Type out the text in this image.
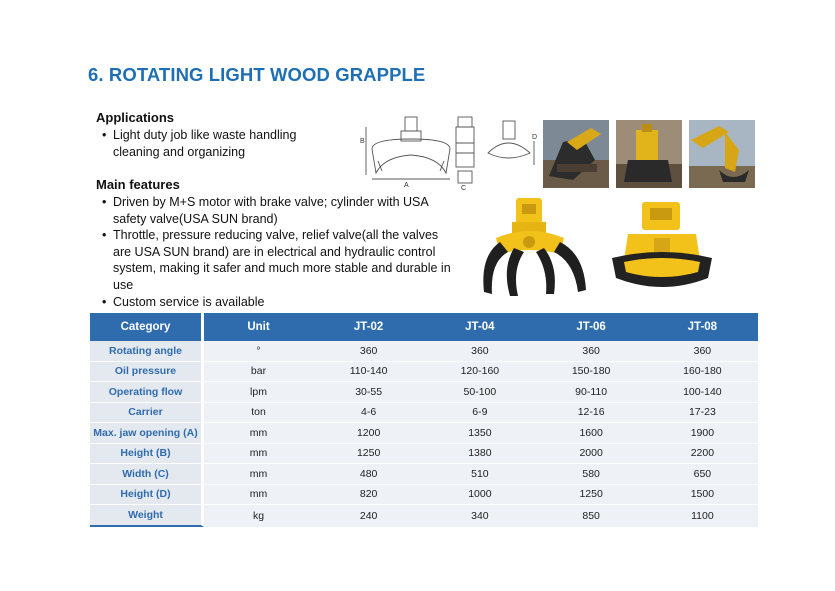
6. ROTATING LIGHT WOOD GRAPPLE
Applications
• Light duty job like waste handling cleaning and organizing
Main features
• Driven by M+S motor with brake valve; cylinder with USA safety valve(USA SUN brand)
• Throttle, pressure reducing valve, relief valve(all the valves are USA SUN brand) are in electrical and hydraulic control system, making it safer and much more stable and durable in use
• Custom service is available
B
A	C
D
Category	Unit	JT-02	JT-04	JT-06	JT-08
Rotating angle	°	360	360	360	360
Oil pressure	bar	110-140	120-160	150-180	160-180
Operating flow	lpm	30-55	50-100	90-110	100-140
Carrier	ton	4-6	6-9	12-16	17-23
Max. jaw opening (A)	mm	1200	1350	1600	1900
Height (B)	mm	1250	1380	2000	2200
Width (C)	mm	480	510	580	650
Height (D)	mm	820	1000	1250	1500
Weight	kg	240	340	850	1100
